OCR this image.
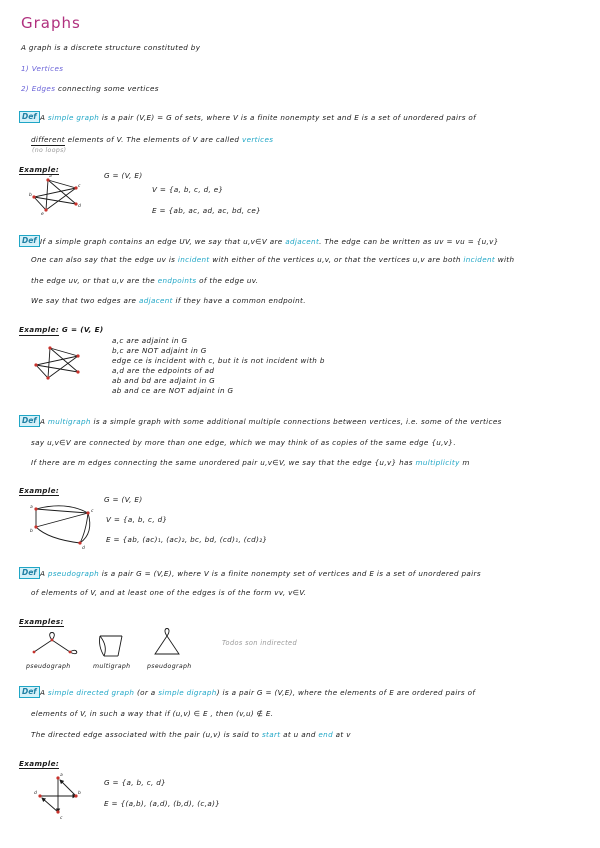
Graphs
A graph is a discrete structure constituted by
1) Vertices
2) Edges connecting some vertices
Def A simple graph is a pair (V,E) = G of sets, where V is a finite nonempty set and E is a set of unordered pairs of
different elements of V. The elements of V are called vertices
(no loops)
Example:
a
c
b
e
d
G = (V, E)
V = {a, b, c, d, e}
E = {ab, ac, ad, ac, bd, ce}
Def If a simple graph contains an edge UV, we say that u,v∈V are adjacent. The edge can be written as uv = vu = {u,v}
One can also say that the edge uv is incident with either of the vertices u,v, or that the vertices u,v are both incident with
the edge uv, or that u,v are the endpoints of the edge uv.
We say that two edges are adjacent if they have a common endpoint.
Example: G = (V, E)
a,c are adjaint in G
b,c are NOT adjaint in G
edge ce is incident with c, but it is not incident with b
a,d are the edpoints of ad
ab and bd are adjaint in G
ab and ce are NOT adjaint in G
Def A multigraph is a simple graph with some additional multiple connections between vertices, i.e. some of the vertices
say u,v∈V are connected by more than one edge, which we may think of as copies of the same edge {u,v}.
If there are m edges connecting the same unordered pair u,v∈V, we say that the edge {u,v} has multiplicity m
Example:
a
b
c
d
G = (V, E)
V = {a, b, c, d}
E = {ab, (ac)₁, (ac)₂, bc, bd, (cd)₁, (cd)₂}
Def A pseudograph is a pair G = (V,E), where V is a finite nonempty set of vertices and E is a set of unordered pairs
of elements of V, and at least one of the edges is of the form vv, v∈V.
Examples:
Todos son indirected
pseudograph	multigraph	pseudograph
Def A simple directed graph (or a simple digraph) is a pair G = (V,E), where the elements of E are ordered pairs of
elements of V, in such a way that if (u,v) ∈ E , then (v,u) ∉ E.
The directed edge associated with the pair (u,v) is said to start at u and end at v
Example:
a
d	b
c
G = {a, b, c, d}
E = {(a,b), (a,d), (b,d), (c,a)}
